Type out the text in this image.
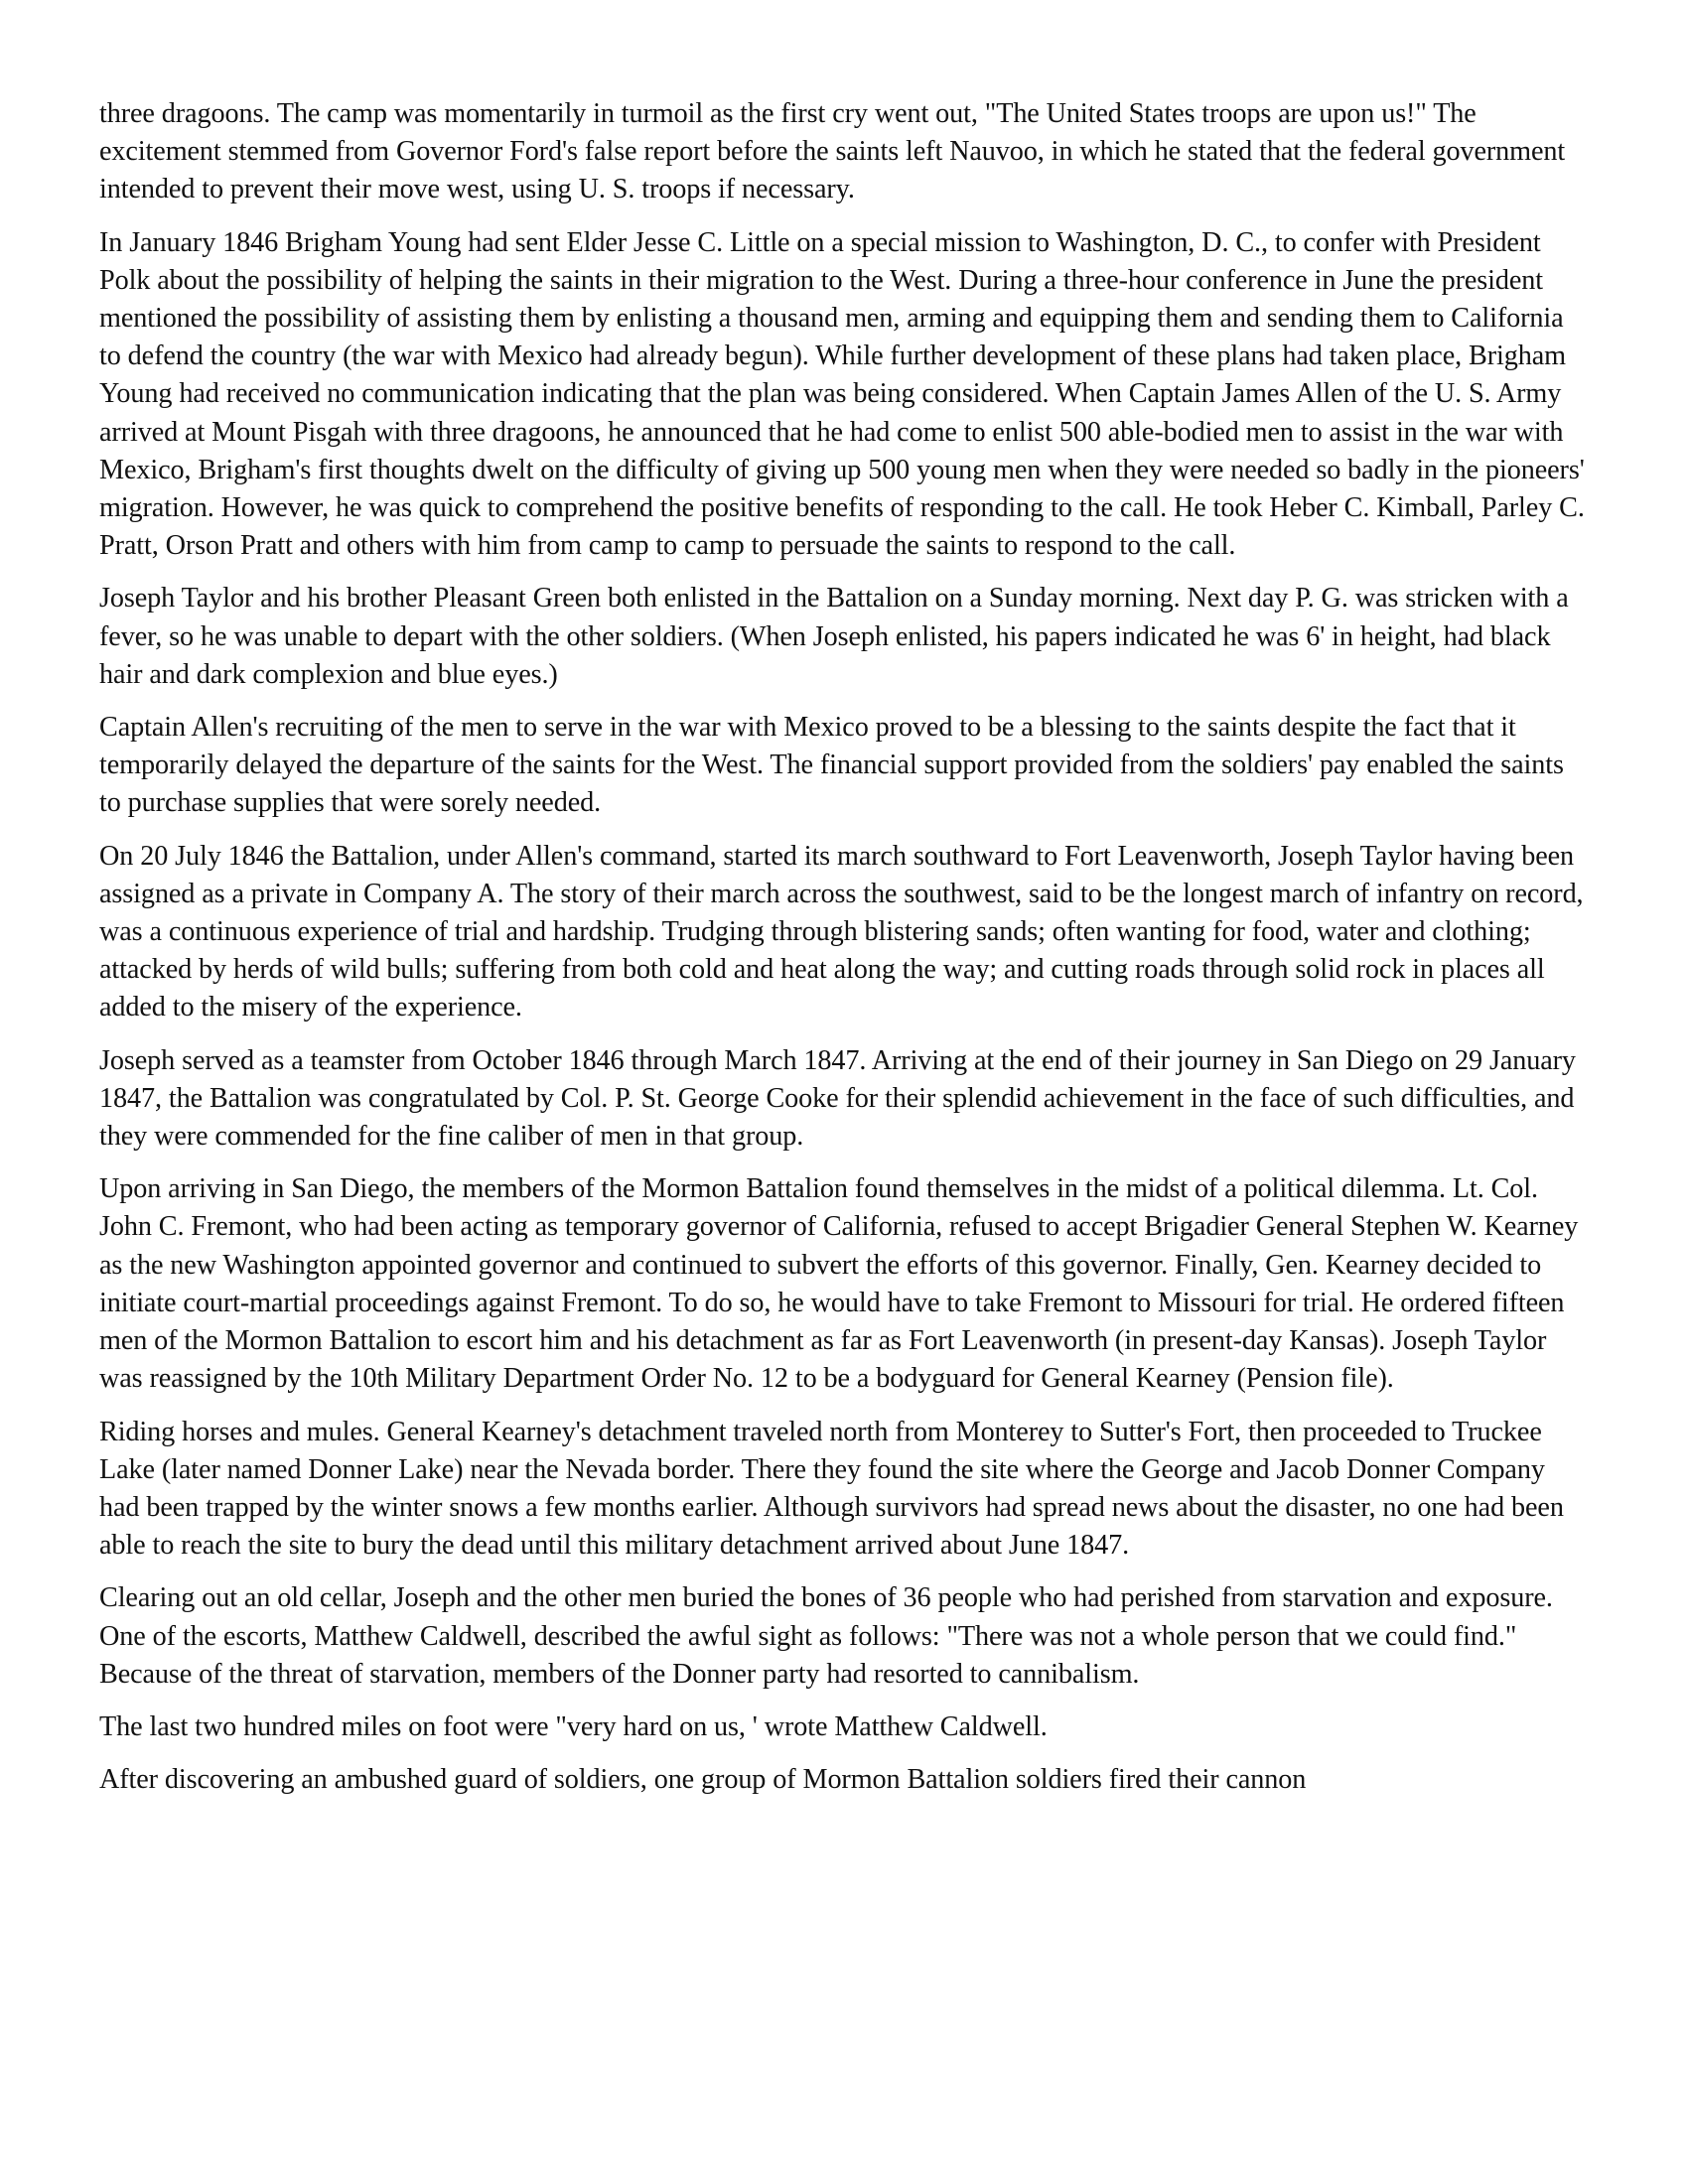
three dragoons. The camp was momentarily in turmoil as the first cry went out, "The United States troops are upon us!" The excitement stemmed from Governor Ford's false report before the saints left Nauvoo, in which he stated that the federal government intended to prevent their move west, using U. S. troops if necessary.

In January 1846 Brigham Young had sent Elder Jesse C. Little on a special mission to Washington, D. C., to confer with President Polk about the possibility of helping the saints in their migration to the West. During a three-hour conference in June the president mentioned the possibility of assisting them by enlisting a thousand men, arming and equipping them and sending them to California to defend the country (the war with Mexico had already begun). While further development of these plans had taken place, Brigham Young had received no communication indicating that the plan was being considered. When Captain James Allen of the U. S. Army arrived at Mount Pisgah with three dragoons, he announced that he had come to enlist 500 able-bodied men to assist in the war with Mexico, Brigham's first thoughts dwelt on the difficulty of giving up 500 young men when they were needed so badly in the pioneers' migration. However, he was quick to comprehend the positive benefits of responding to the call. He took Heber C. Kimball, Parley C. Pratt, Orson Pratt and others with him from camp to camp to persuade the saints to respond to the call.

Joseph Taylor and his brother Pleasant Green both enlisted in the Battalion on a Sunday morning. Next day P. G. was stricken with a fever, so he was unable to depart with the other soldiers. (When Joseph enlisted, his papers indicated he was 6' in height, had black hair and dark complexion and blue eyes.)

Captain Allen's recruiting of the men to serve in the war with Mexico proved to be a blessing to the saints despite the fact that it temporarily delayed the departure of the saints for the West. The financial support provided from the soldiers' pay enabled the saints to purchase supplies that were sorely needed.

On 20 July 1846 the Battalion, under Allen's command, started its march southward to Fort Leavenworth, Joseph Taylor having been assigned as a private in Company A. The story of their march across the southwest, said to be the longest march of infantry on record, was a continuous experience of trial and hardship. Trudging through blistering sands; often wanting for food, water and clothing; attacked by herds of wild bulls; suffering from both cold and heat along the way; and cutting roads through solid rock in places all added to the misery of the experience.

Joseph served as a teamster from October 1846 through March 1847. Arriving at the end of their journey in San Diego on 29 January 1847, the Battalion was congratulated by Col. P. St. George Cooke for their splendid achievement in the face of such difficulties, and they were commended for the fine caliber of men in that group.

Upon arriving in San Diego, the members of the Mormon Battalion found themselves in the midst of a political dilemma. Lt. Col. John C. Fremont, who had been acting as temporary governor of California, refused to accept Brigadier General Stephen W. Kearney as the new Washington appointed governor and continued to subvert the efforts of this governor. Finally, Gen. Kearney decided to initiate court-martial proceedings against Fremont. To do so, he would have to take Fremont to Missouri for trial. He ordered fifteen men of the Mormon Battalion to escort him and his detachment as far as Fort Leavenworth (in present-day Kansas). Joseph Taylor was reassigned by the 10th Military Department Order No. 12 to be a bodyguard for General Kearney (Pension file).

Riding horses and mules. General Kearney's detachment traveled north from Monterey to Sutter's Fort, then proceeded to Truckee Lake (later named Donner Lake) near the Nevada border. There they found the site where the George and Jacob Donner Company had been trapped by the winter snows a few months earlier. Although survivors had spread news about the disaster, no one had been able to reach the site to bury the dead until this military detachment arrived about June 1847.

Clearing out an old cellar, Joseph and the other men buried the bones of 36 people who had perished from starvation and exposure. One of the escorts, Matthew Caldwell, described the awful sight as follows: "There was not a whole person that we could find." Because of the threat of starvation, members of the Donner party had resorted to cannibalism.

The last two hundred miles on foot were "very hard on us, ' wrote Matthew Caldwell.

After discovering an ambushed guard of soldiers, one group of Mormon Battalion soldiers fired their cannon
